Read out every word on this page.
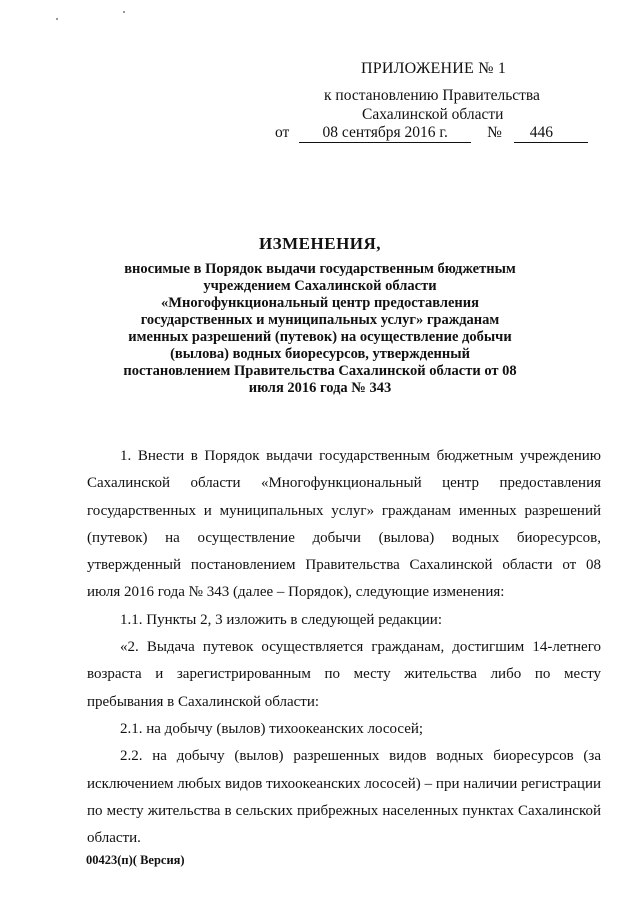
ПРИЛОЖЕНИЕ № 1
к постановлению Правительства
Сахалинской области
от 08 сентября 2016 г.	№ 446
ИЗМЕНЕНИЯ,
вносимые в Порядок выдачи государственным бюджетным учреждением Сахалинской области «Многофункциональный центр предоставления государственных и муниципальных услуг» гражданам именных разрешений (путевок) на осуществление добычи (вылова) водных биоресурсов, утвержденный постановлением Правительства Сахалинской области от 08 июля 2016 года № 343

1. Внести в Порядок выдачи государственным бюджетным учреждению Сахалинской области «Многофункциональный центр предоставления государственных и муниципальных услуг» гражданам именных разрешений (путевок) на осуществление добычи (вылова) водных биоресурсов, утвержденный постановлением Правительства Сахалинской области от 08 июля 2016 года № 343 (далее – Порядок), следующие изменения:

1.1. Пункты 2, 3 изложить в следующей редакции:

«2. Выдача путевок осуществляется гражданам, достигшим 14-летнего возраста и зарегистрированным по месту жительства либо по месту пребывания в Сахалинской области:

2.1. на добычу (вылов) тихоокеанских лососей;

2.2. на добычу (вылов) разрешенных видов водных биоресурсов (за исключением любых видов тихоокеанских лососей) – при наличии регистрации по месту жительства в сельских прибрежных населенных пунктах Сахалинской области.

00423(п)( Версия)
